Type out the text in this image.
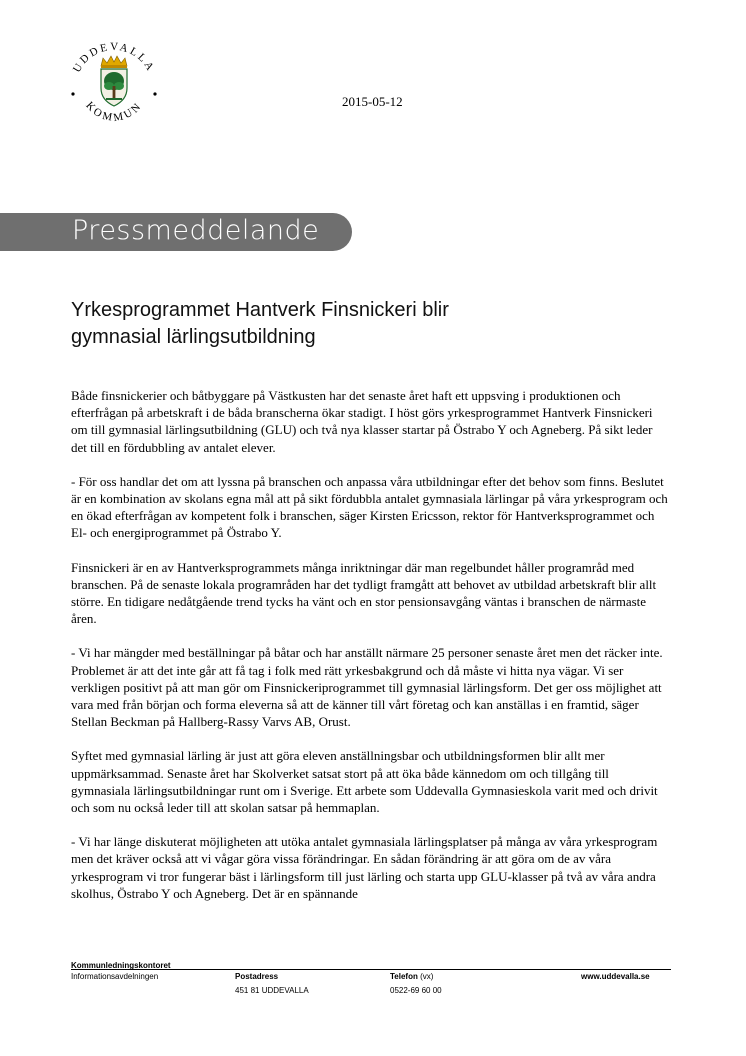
UDDEVALLA
KOMMUN	2015-05-12
Pressmeddelande
Yrkesprogrammet Hantverk Finsnickeri blir
gymnasial lärlingsutbildning

Både finsnickerier och båtbyggare på Västkusten har det senaste året haft ett uppsving i produktionen och efterfrågan på arbetskraft i de båda branscherna ökar stadigt. I höst görs yrkesprogrammet Hantverk Finsnickeri om till gymnasial lärlingsutbildning (GLU) och två nya klasser startar på Östrabo Y och Agneberg. På sikt leder det till en fördubbling av antalet elever.

- För oss handlar det om att lyssna på branschen och anpassa våra utbildningar efter det behov som finns. Beslutet är en kombination av skolans egna mål att på sikt fördubbla antalet gymnasiala lärlingar på våra yrkesprogram och en ökad efterfrågan av kompetent folk i branschen, säger Kirsten Ericsson, rektor för Hantverksprogrammet och El- och energiprogrammet på Östrabo Y.

Finsnickeri är en av Hantverksprogrammets många inriktningar där man regelbundet håller programråd med branschen. På de senaste lokala programråden har det tydligt framgått att behovet av utbildad arbetskraft blir allt större. En tidigare nedåtgående trend tycks ha vänt och en stor pensionsavgång väntas i branschen de närmaste åren.

- Vi har mängder med beställningar på båtar och har anställt närmare 25 personer senaste året men det räcker inte. Problemet är att det inte går att få tag i folk med rätt yrkesbakgrund och då måste vi hitta nya vägar. Vi ser verkligen positivt på att man gör om Finsnickeriprogrammet till gymnasial lärlingsform. Det ger oss möjlighet att vara med från början och forma eleverna så att de känner till vårt företag och kan anställas i en framtid, säger Stellan Beckman på Hallberg-Rassy Varvs AB, Orust.

Syftet med gymnasial lärling är just att göra eleven anställningsbar och utbildningsformen blir allt mer uppmärksammad. Senaste året har Skolverket satsat stort på att öka både kännedom om och tillgång till gymnasiala lärlingsutbildningar runt om i Sverige. Ett arbete som Uddevalla Gymnasieskola varit med och drivit och som nu också leder till att skolan satsar på hemmaplan.

- Vi har länge diskuterat möjligheten att utöka antalet gymnasiala lärlingsplatser på många av våra yrkesprogram men det kräver också att vi vågar göra vissa förändringar. En sådan förändring är att göra om de av våra yrkesprogram vi tror fungerar bäst i lärlingsform till just lärling och starta upp GLU-klasser på två av våra andra skolhus, Östrabo Y och Agneberg. Det är en spännande

Kommunledningskontoret
Informationsavdelningen	Postadress
451 81 UDDEVALLA
Telefon (vx)
0522-69 60 00
www.uddevalla.se
